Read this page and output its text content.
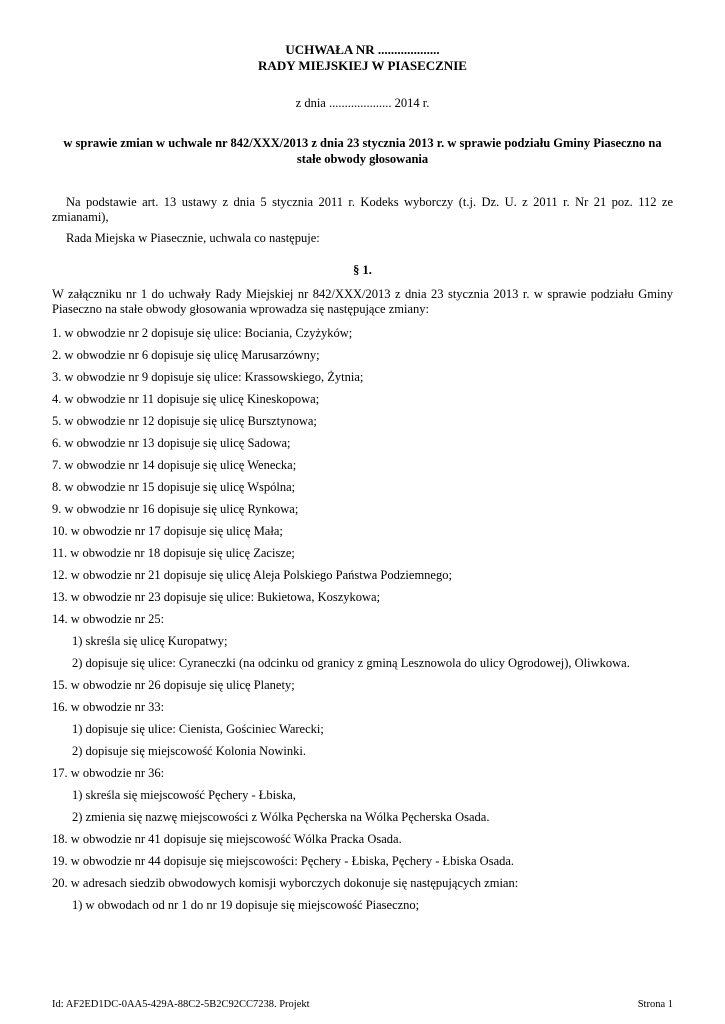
UCHWAŁA NR ...................
RADY MIEJSKIEJ W PIASECZNIE

z dnia .................... 2014 r.

w sprawie zmian w uchwale nr 842/XXX/2013 z dnia 23 stycznia 2013 r. w sprawie podziału Gminy Piaseczno na stałe obwody głosowania

Na podstawie art. 13 ustawy z dnia 5 stycznia 2011 r. Kodeks wyborczy (t.j. Dz. U. z 2011 r. Nr 21 poz. 112 ze zmianami),

Rada Miejska w Piasecznie, uchwala co następuje:

§ 1.

W załączniku nr 1 do uchwały Rady Miejskiej nr 842/XXX/2013 z dnia 23 stycznia 2013 r. w sprawie podziału Gminy Piaseczno na stałe obwody głosowania wprowadza się następujące zmiany:

1. w obwodzie nr 2 dopisuje się ulice: Bociania, Czyżyków;
2. w obwodzie nr 6 dopisuje się ulicę Marusarzówny;
3. w obwodzie nr 9 dopisuje się ulice: Krassowskiego, Żytnia;
4. w obwodzie nr 11 dopisuje się ulicę Kineskopowa;
5. w obwodzie nr 12 dopisuje się ulicę Bursztynowa;
6. w obwodzie nr 13 dopisuje się ulicę Sadowa;
7. w obwodzie nr 14 dopisuje się ulicę Wenecka;
8. w obwodzie nr 15 dopisuje się ulicę Wspólna;
9. w obwodzie nr 16 dopisuje się ulicę Rynkowa;
10. w obwodzie nr 17 dopisuje się ulicę Mała;
11. w obwodzie nr 18 dopisuje się ulicę Zacisze;
12. w obwodzie nr 21 dopisuje się ulicę Aleja Polskiego Państwa Podziemnego;
13. w obwodzie nr 23 dopisuje się ulice: Bukietowa, Koszykowa;
14. w obwodzie nr 25:
1) skreśla się ulicę Kuropatwy;
2) dopisuje się ulice: Cyraneczki (na odcinku od granicy z gminą Lesznowola do ulicy Ogrodowej), Oliwkowa.
15. w obwodzie nr 26 dopisuje się ulicę Planety;
16. w obwodzie nr 33:
1) dopisuje się ulice: Cienista, Gościniec Warecki;
2) dopisuje się miejscowość Kolonia Nowinki.
17. w obwodzie nr 36:
1) skreśla się miejscowość Pęchery - Łbiska,
2) zmienia się nazwę miejscowości z Wólka Pęcherska na Wólka Pęcherska Osada.
18. w obwodzie nr 41 dopisuje się miejscowość Wólka Pracka Osada.
19. w obwodzie nr 44 dopisuje się miejscowości: Pęchery - Łbiska, Pęchery - Łbiska Osada.
20. w adresach siedzib obwodowych komisji wyborczych dokonuje się następujących zmian:
1) w obwodach od nr 1 do nr 19 dopisuje się miejscowość Piaseczno;
Id: AF2ED1DC-0AA5-429A-88C2-5B2C92CC7238. Projekt	Strona 1
